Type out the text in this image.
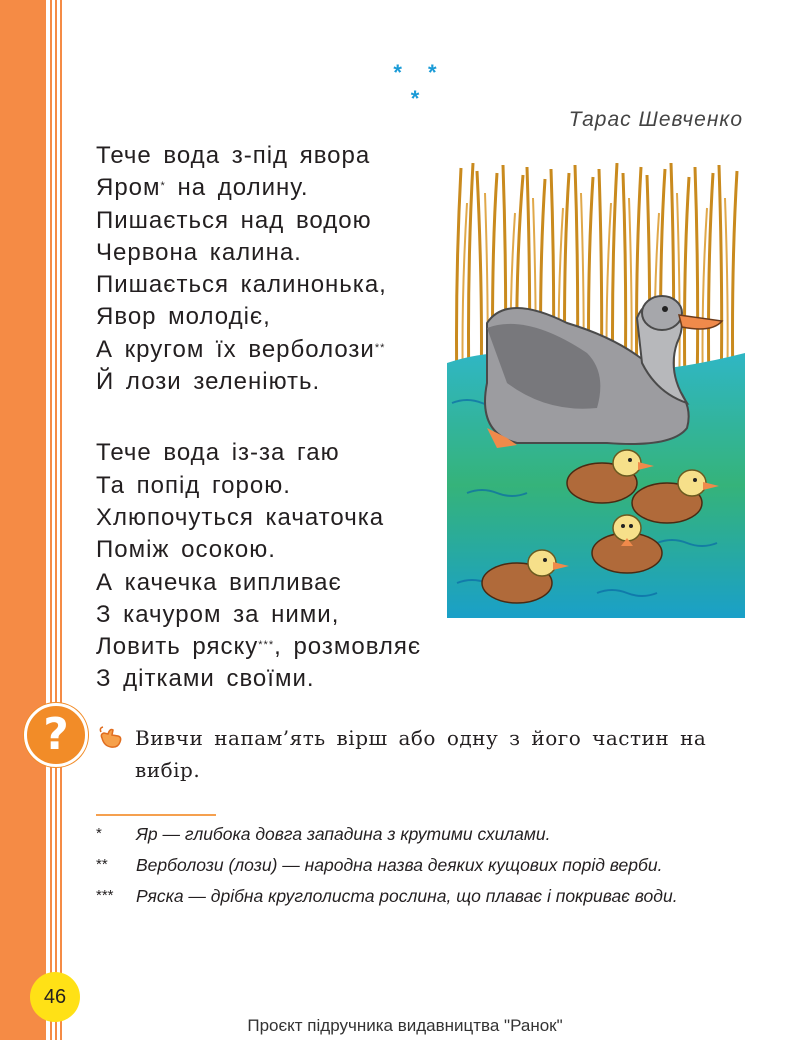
* * *
Тарас Шевченко
Тече вода з-під явора
Яром* на долину.
Пишається над водою
Червона калина.
Пишається калинонька,
Явор молодіє,
А кругом їх верболози**
Й лози зеленіють.
Тече вода із-за гаю
Та попід горою.
Хлюпочуться качаточка
Поміж осокою.
А качечка випливає
З качуром за ними,
Ловить ряску***, розмовляє
З дітками своїми.
?	Вивчи напам’ять вірш або одну з його частин на вибір.
*	Яр — глибока довга западина з крутими схилами.
**	Верболози (лози) — народна назва деяких кущових порід верби.
***	Ряска — дрібна круглолиста рослина, що плаває і покриває води.
46
Проєкт підручника видавництва "Ранок"
